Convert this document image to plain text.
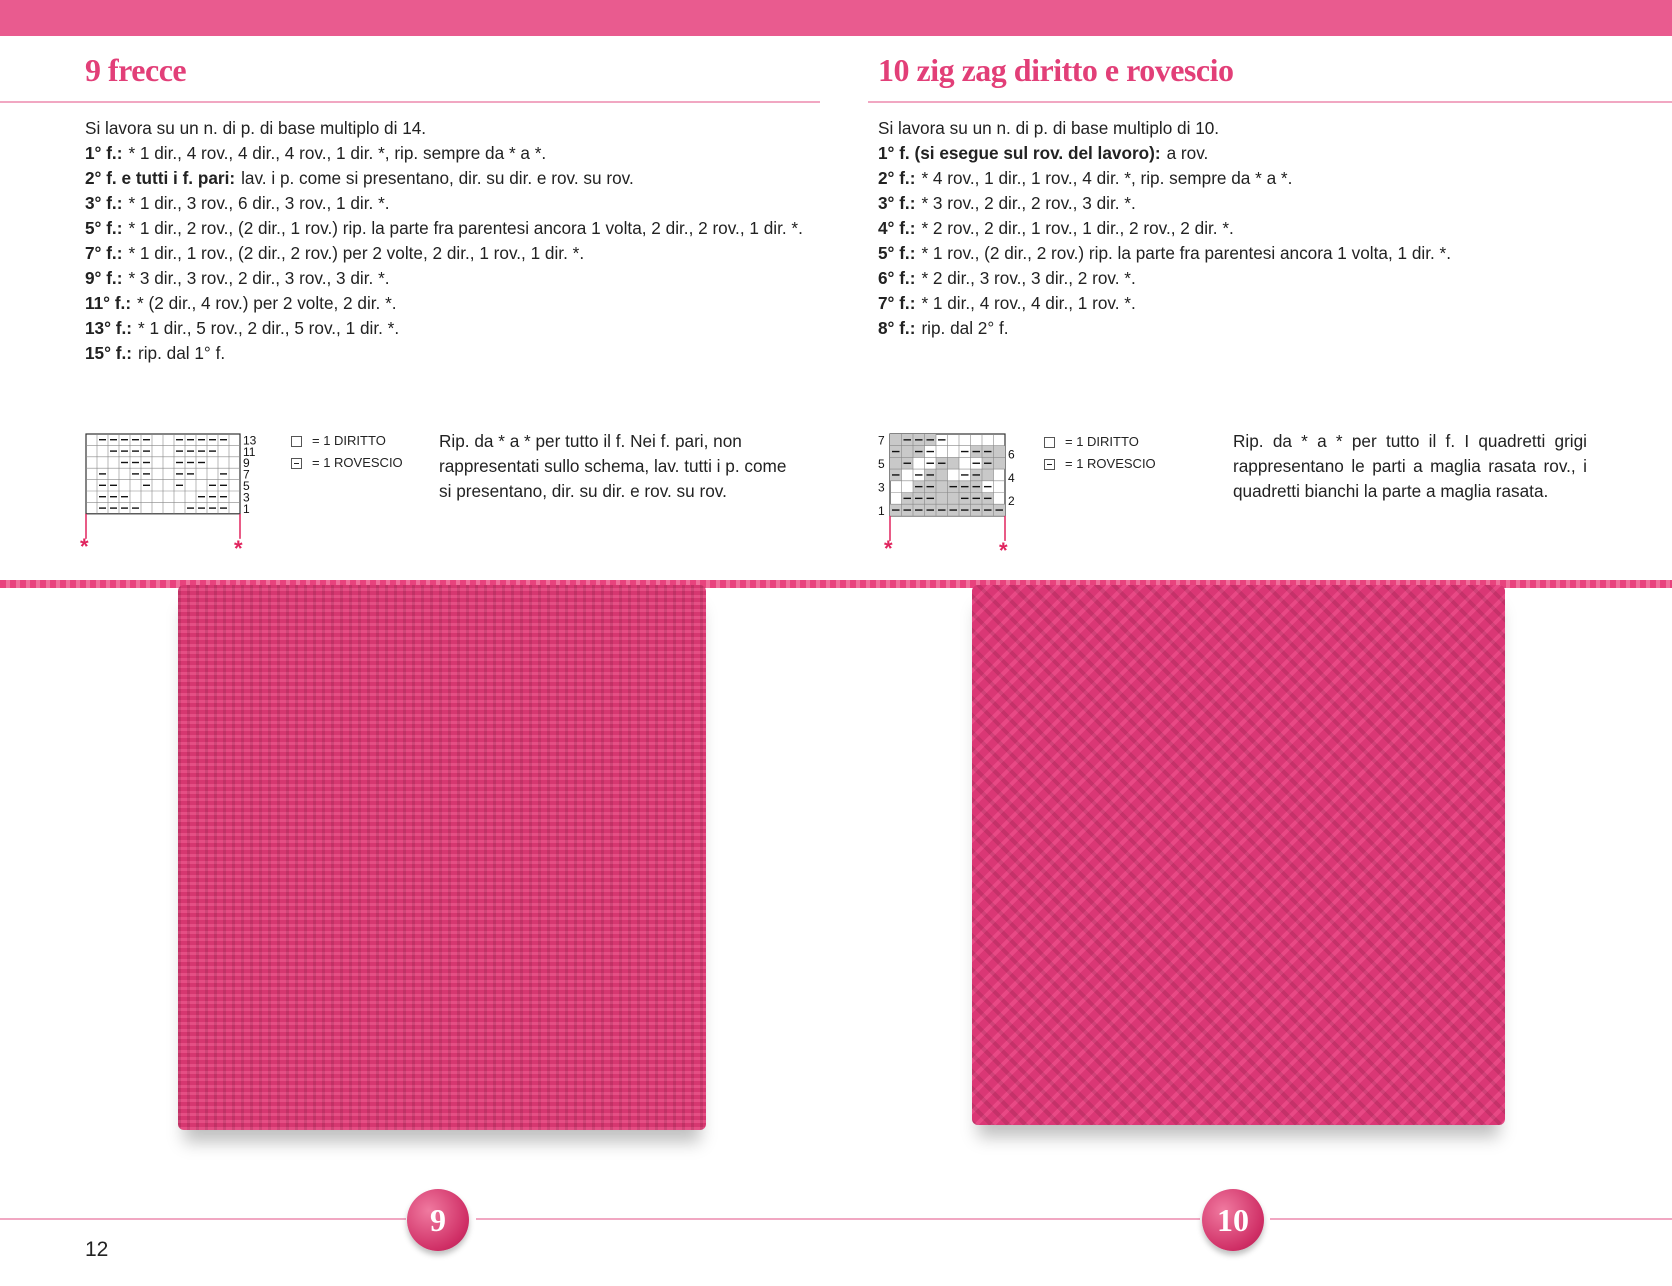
9 frecce	10 zig zag diritto e rovescio
Si lavora su un n. di p. di base multiplo di 14.
1° f.: * 1 dir., 4 rov., 4 dir., 4 rov., 1 dir. *, rip. sempre da * a *.
2° f. e tutti i f. pari: lav. i p. come si presentano, dir. su dir. e rov. su rov.
3° f.: * 1 dir., 3 rov., 6 dir., 3 rov., 1 dir. *.
5° f.: * 1 dir., 2 rov., (2 dir., 1 rov.) rip. la parte fra parentesi ancora 1 volta, 2 dir., 2 rov., 1 dir. *.
7° f.: * 1 dir., 1 rov., (2 dir., 2 rov.) per 2 volte, 2 dir., 1 rov., 1 dir. *.
9° f.: * 3 dir., 3 rov., 2 dir., 3 rov., 3 dir. *.
11° f.: * (2 dir., 4 rov.) per 2 volte, 2 dir. *.
13° f.: * 1 dir., 5 rov., 2 dir., 5 rov., 1 dir. *.
15° f.: rip. dal 1° f.
Si lavora su un n. di p. di base multiplo di 10.
1° f. (si esegue sul rov. del lavoro): a rov.
2° f.: * 4 rov., 1 dir., 1 rov., 4 dir. *, rip. sempre da * a *.
3° f.: * 3 rov., 2 dir., 2 rov., 3 dir. *.
4° f.: * 2 rov., 2 dir., 1 rov., 1 dir., 2 rov., 2 dir. *.
5° f.: * 1 rov., (2 dir., 2 rov.) rip. la parte fra parentesi ancora 1 volta, 1 dir. *.
6° f.: * 2 dir., 3 rov., 3 dir., 2 rov. *.
7° f.: * 1 dir., 4 rov., 4 dir., 1 rov. *.
8° f.: rip. dal 2° f.
13
11
9
7
5
3
1
*	*
= 1 DIRITTO
= 1 ROVESCIO
Rip. da * a * per tutto il f. Nei f. pari, non rappresentati sullo schema, lav. tutti i p. come si presentano, dir. su dir. e rov. su rov.
7
5
3
1
6
4
2
*	*
= 1 DIRITTO
= 1 ROVESCIO
Rip. da * a * per tutto il f. I quadretti grigi rappresentano le parti a maglia rasata rov., i quadretti bianchi la parte a maglia rasata.
9	10
12
